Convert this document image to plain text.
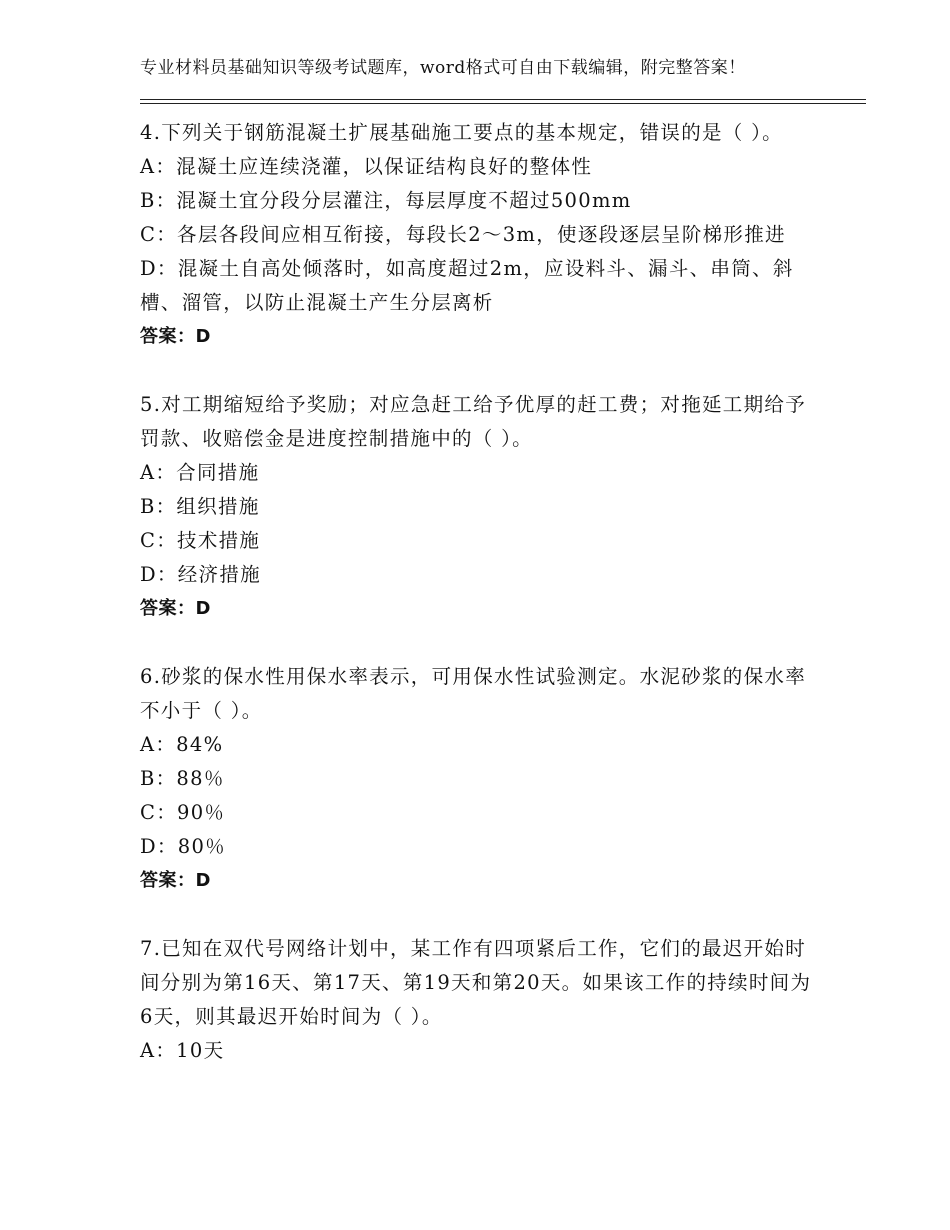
专业材料员基础知识等级考试题库，word格式可自由下载编辑，附完整答案！

4.下列关于钢筋混凝土扩展基础施工要点的基本规定，错误的是（ ）。

A：混凝土应连续浇灌，以保证结构良好的整体性

B：混凝土宜分段分层灌注，每层厚度不超过500mm

C：各层各段间应相互衔接，每段长2～3m，使逐段逐层呈阶梯形推进

D：混凝土自高处倾落时，如高度超过2m，应设料斗、漏斗、串筒、斜槽、溜管，以防止混凝土产生分层离析

答案：D

5.对工期缩短给予奖励；对应急赶工给予优厚的赶工费；对拖延工期给予罚款、收赔偿金是进度控制措施中的（ ）。

A：合同措施

B：组织措施

C：技术措施

D：经济措施

答案：D

6.砂浆的保水性用保水率表示，可用保水性试验测定。水泥砂浆的保水率不小于（ ）。

A：84%

B：88％

C：90％

D：80％

答案：D

7.已知在双代号网络计划中，某工作有四项紧后工作，它们的最迟开始时间分别为第16天、第17天、第19天和第20天。如果该工作的持续时间为6天，则其最迟开始时间为（ ）。

A：10天
